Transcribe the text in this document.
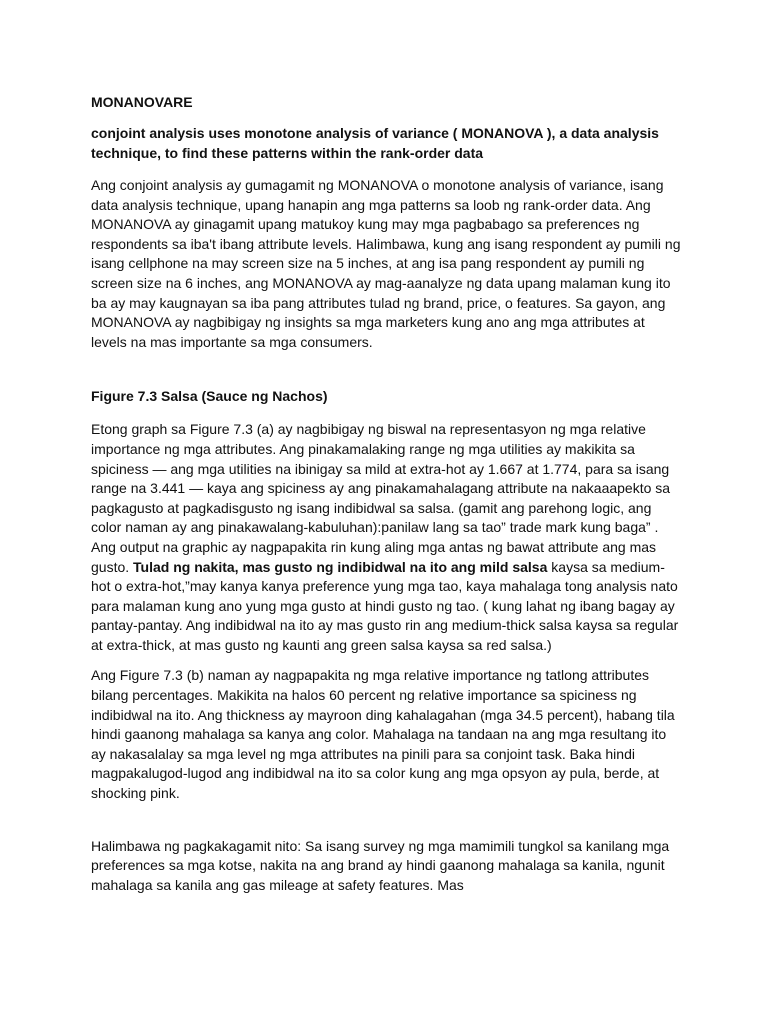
MONANOVARE

conjoint analysis uses monotone analysis of variance ( MONANOVA ), a data analysis technique, to find these patterns within the rank-order data

Ang conjoint analysis ay gumagamit ng MONANOVA o monotone analysis of variance, isang data analysis technique, upang hanapin ang mga patterns sa loob ng rank-order data. Ang MONANOVA ay ginagamit upang matukoy kung may mga pagbabago sa preferences ng respondents sa iba't ibang attribute levels. Halimbawa, kung ang isang respondent ay pumili ng isang cellphone na may screen size na 5 inches, at ang isa pang respondent ay pumili ng screen size na 6 inches, ang MONANOVA ay mag-aanalyze ng data upang malaman kung ito ba ay may kaugnayan sa iba pang attributes tulad ng brand, price, o features. Sa gayon, ang MONANOVA ay nagbibigay ng insights sa mga marketers kung ano ang mga attributes at levels na mas importante sa mga consumers.

Figure 7.3 Salsa (Sauce ng Nachos)

Etong graph sa Figure 7.3 (a) ay nagbibigay ng biswal na representasyon ng mga relative importance ng mga attributes. Ang pinakamalaking range ng mga utilities ay makikita sa spiciness — ang mga utilities na ibinigay sa mild at extra-hot ay 1.667 at 1.774, para sa isang range na 3.441 — kaya ang spiciness ay ang pinakamahalagang attribute na nakaaapekto sa pagkagusto at pagkadisgusto ng isang indibidwal sa salsa. (gamit ang parehong logic, ang color naman ay ang pinakawalang-kabuluhan):panilaw lang sa tao” trade mark kung baga” . Ang output na graphic ay nagpapakita rin kung aling mga antas ng bawat attribute ang mas gusto. Tulad ng nakita, mas gusto ng indibidwal na ito ang mild salsa kaysa sa medium-hot o extra-hot,”may kanya kanya preference yung mga tao, kaya mahalaga tong analysis nato para malaman kung ano yung mga gusto at hindi gusto ng tao. ( kung lahat ng ibang bagay ay pantay-pantay. Ang indibidwal na ito ay mas gusto rin ang medium-thick salsa kaysa sa regular at extra-thick, at mas gusto ng kaunti ang green salsa kaysa sa red salsa.)

Ang Figure 7.3 (b) naman ay nagpapakita ng mga relative importance ng tatlong attributes bilang percentages. Makikita na halos 60 percent ng relative importance sa spiciness ng indibidwal na ito. Ang thickness ay mayroon ding kahalagahan (mga 34.5 percent), habang tila hindi gaanong mahalaga sa kanya ang color. Mahalaga na tandaan na ang mga resultang ito ay nakasalalay sa mga level ng mga attributes na pinili para sa conjoint task. Baka hindi magpakalugod-lugod ang indibidwal na ito sa color kung ang mga opsyon ay pula, berde, at shocking pink.

Halimbawa ng pagkakagamit nito: Sa isang survey ng mga mamimili tungkol sa kanilang mga preferences sa mga kotse, nakita na ang brand ay hindi gaanong mahalaga sa kanila, ngunit mahalaga sa kanila ang gas mileage at safety features. Mas
